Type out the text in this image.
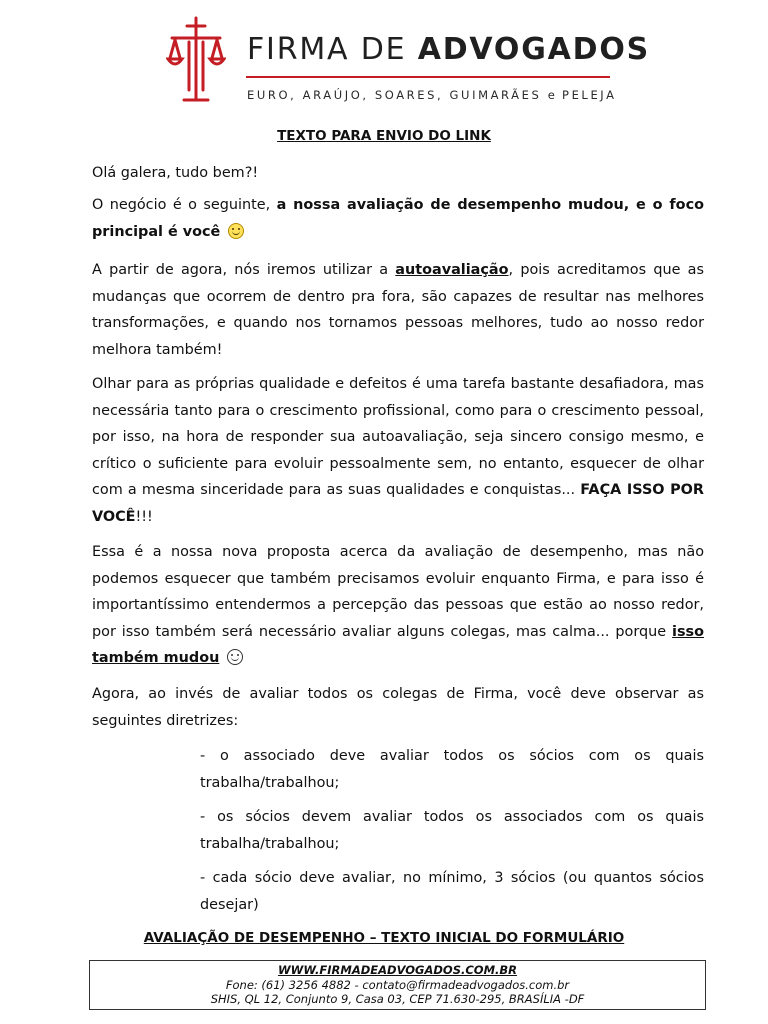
FIRMA DE ADVOGADOS
EURO, ARAÚJO, SOARES, GUIMARÃES e PELEJA
TEXTO PARA ENVIO DO LINK
Olá galera, tudo bem?!
O negócio é o seguinte, a nossa avaliação de desempenho mudou, e o foco principal é você
A partir de agora, nós iremos utilizar a autoavaliação, pois acreditamos que as mudanças que ocorrem de dentro pra fora, são capazes de resultar nas melhores transformações, e quando nos tornamos pessoas melhores, tudo ao nosso redor melhora também!
Olhar para as próprias qualidade e defeitos é uma tarefa bastante desafiadora, mas necessária tanto para o crescimento profissional, como para o crescimento pessoal, por isso, na hora de responder sua autoavaliação, seja sincero consigo mesmo, e crítico o suficiente para evoluir pessoalmente sem, no entanto, esquecer de olhar com a mesma sinceridade para as suas qualidades e conquistas... FAÇA ISSO POR VOCÊ!!!
Essa é a nossa nova proposta acerca da avaliação de desempenho, mas não podemos esquecer que também precisamos evoluir enquanto Firma, e para isso é importantíssimo entendermos a percepção das pessoas que estão ao nosso redor, por isso também será necessário avaliar alguns colegas, mas calma... porque isso também mudou
Agora, ao invés de avaliar todos os colegas de Firma, você deve observar as seguintes diretrizes:
- o associado deve avaliar todos os sócios com os quais trabalha/trabalhou;
- os sócios devem avaliar todos os associados com os quais trabalha/trabalhou;
- cada sócio deve avaliar, no mínimo, 3 sócios (ou quantos sócios desejar)
AVALIAÇÃO DE DESEMPENHO – TEXTO INICIAL DO FORMULÁRIO
WWW.FIRMADEADVOGADOS.COM.BR
Fone: (61) 3256 4882 - contato@firmadeadvogados.com.br
SHIS, QL 12, Conjunto 9, Casa 03, CEP 71.630-295, BRASÍLIA -DF
